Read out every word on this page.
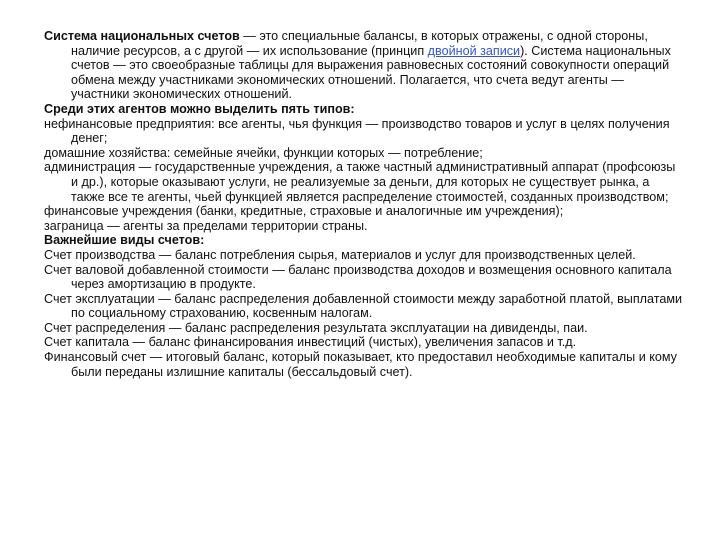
Система национальных счетов — это специальные балансы, в которых отражены, с одной стороны, наличие ресурсов, а с другой — их использование (принцип двойной записи). Система национальных счетов — это своеобразные таблицы для выражения равновесных состояний совокупности операций обмена между участниками экономических отношений. Полагается, что счета ведут агенты — участники экономических отношений.

Среди этих агентов можно выделить пять типов:

нефинансовые предприятия: все агенты, чья функция — производство товаров и услуг в целях получения денег;

домашние хозяйства: семейные ячейки, функции которых — потребление;

администрация — государственные учреждения, а также частный административный аппарат (профсоюзы и др.), которые оказывают услуги, не реализуемые за деньги, для которых не существует рынка, а также все те агенты, чьей функцией является распределение стоимостей, созданных производством;

финансовые учреждения (банки, кредитные, страховые и аналогичные им учреждения);

заграница — агенты за пределами территории страны.

Важнейшие виды счетов:

Счет производства — баланс потребления сырья, материалов и услуг для производственных целей.

Счет валовой добавленной стоимости — баланс производства доходов и возмещения основного капитала через амортизацию в продукте.

Счет эксплуатации — баланс распределения добавленной стоимости между заработной платой, выплатами по социальному страхованию, косвенным налогам.

Счет распределения — баланс распределения результата эксплуатации на дивиденды, паи.

Счет капитала — баланс финансирования инвестиций (чистых), увеличения запасов и т.д.

Финансовый счет — итоговый баланс, который показывает, кто предоставил необходимые капиталы и кому были переданы излишние капиталы (бессальдовый счет).
